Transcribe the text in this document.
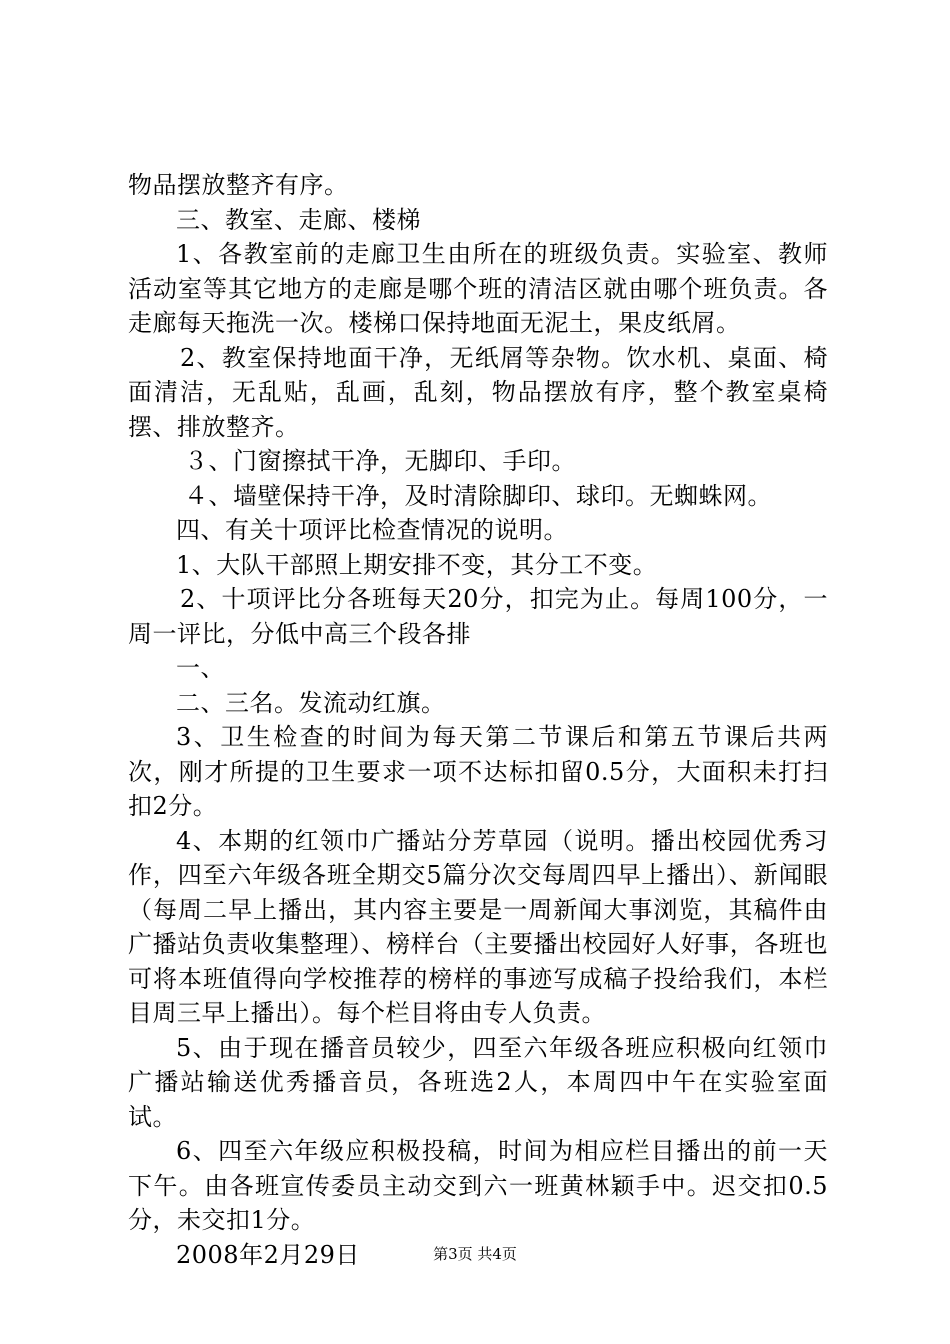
物品摆放整齐有序。

三、教室、走廊、楼梯

1、各教室前的走廊卫生由所在的班级负责。实验室、教师活动室等其它地方的走廊是哪个班的清洁区就由哪个班负责。各走廊每天拖洗一次。楼梯口保持地面无泥土，果皮纸屑。

2、教室保持地面干净，无纸屑等杂物。饮水机、桌面、椅面清洁，无乱贴，乱画，乱刻，物品摆放有序，整个教室桌椅摆、排放整齐。

３、门窗擦拭干净，无脚印、手印。

４、墙壁保持干净，及时清除脚印、球印。无蜘蛛网。

四、有关十项评比检查情况的说明。

1、大队干部照上期安排不变，其分工不变。

2、十项评比分各班每天20分，扣完为止。每周100分，一周一评比，分低中高三个段各排

一、

二、三名。发流动红旗。

3、卫生检查的时间为每天第二节课后和第五节课后共两次，刚才所提的卫生要求一项不达标扣留0.5分，大面积未打扫扣2分。

4、本期的红领巾广播站分芳草园（说明。播出校园优秀习作，四至六年级各班全期交5篇分次交每周四早上播出）、新闻眼（每周二早上播出，其内容主要是一周新闻大事浏览，其稿件由广播站负责收集整理）、榜样台（主要播出校园好人好事，各班也可将本班值得向学校推荐的榜样的事迹写成稿子投给我们，本栏目周三早上播出）。每个栏目将由专人负责。

5、由于现在播音员较少，四至六年级各班应积极向红领巾广播站输送优秀播音员，各班选2人，本周四中午在实验室面试。

6、四至六年级应积极投稿，时间为相应栏目播出的前一天下午。由各班宣传委员主动交到六一班黄林颖手中。迟交扣0.5分，未交扣1分。

2008年2月29日	第3页 共4页
